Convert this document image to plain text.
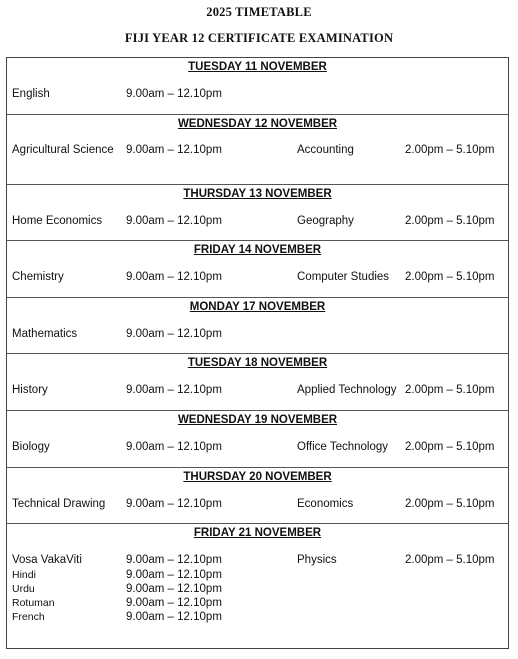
2025 TIMETABLE
FIJI YEAR 12 CERTIFICATE EXAMINATION
TUESDAY 11 NOVEMBER
English	9.00am – 12.10pm
WEDNESDAY 12 NOVEMBER
Agricultural Science 9.00am – 12.10pm	Accounting	2.00pm – 5.10pm
THURSDAY 13 NOVEMBER
Home Economics 9.00am – 12.10pm	Geography	2.00pm – 5.10pm
FRIDAY 14 NOVEMBER
Chemistry	9.00am – 12.10pm	Computer Studies 2.00pm – 5.10pm
MONDAY 17 NOVEMBER
Mathematics	9.00am – 12.10pm
TUESDAY 18 NOVEMBER
History	9.00am – 12.10pm	Applied Technology 2.00pm – 5.10pm
WEDNESDAY 19 NOVEMBER
Biology	9.00am – 12.10pm	Office Technology 2.00pm – 5.10pm
THURSDAY 20 NOVEMBER
Technical Drawing 9.00am – 12.10pm	Economics	2.00pm – 5.10pm
FRIDAY 21 NOVEMBER
Vosa VakaViti	9.00am – 12.10pm	Physics	2.00pm – 5.10pm
Hindi	9.00am – 12.10pm
Urdu	9.00am – 12.10pm
Rotuman	9.00am – 12.10pm
French	9.00am – 12.10pm
